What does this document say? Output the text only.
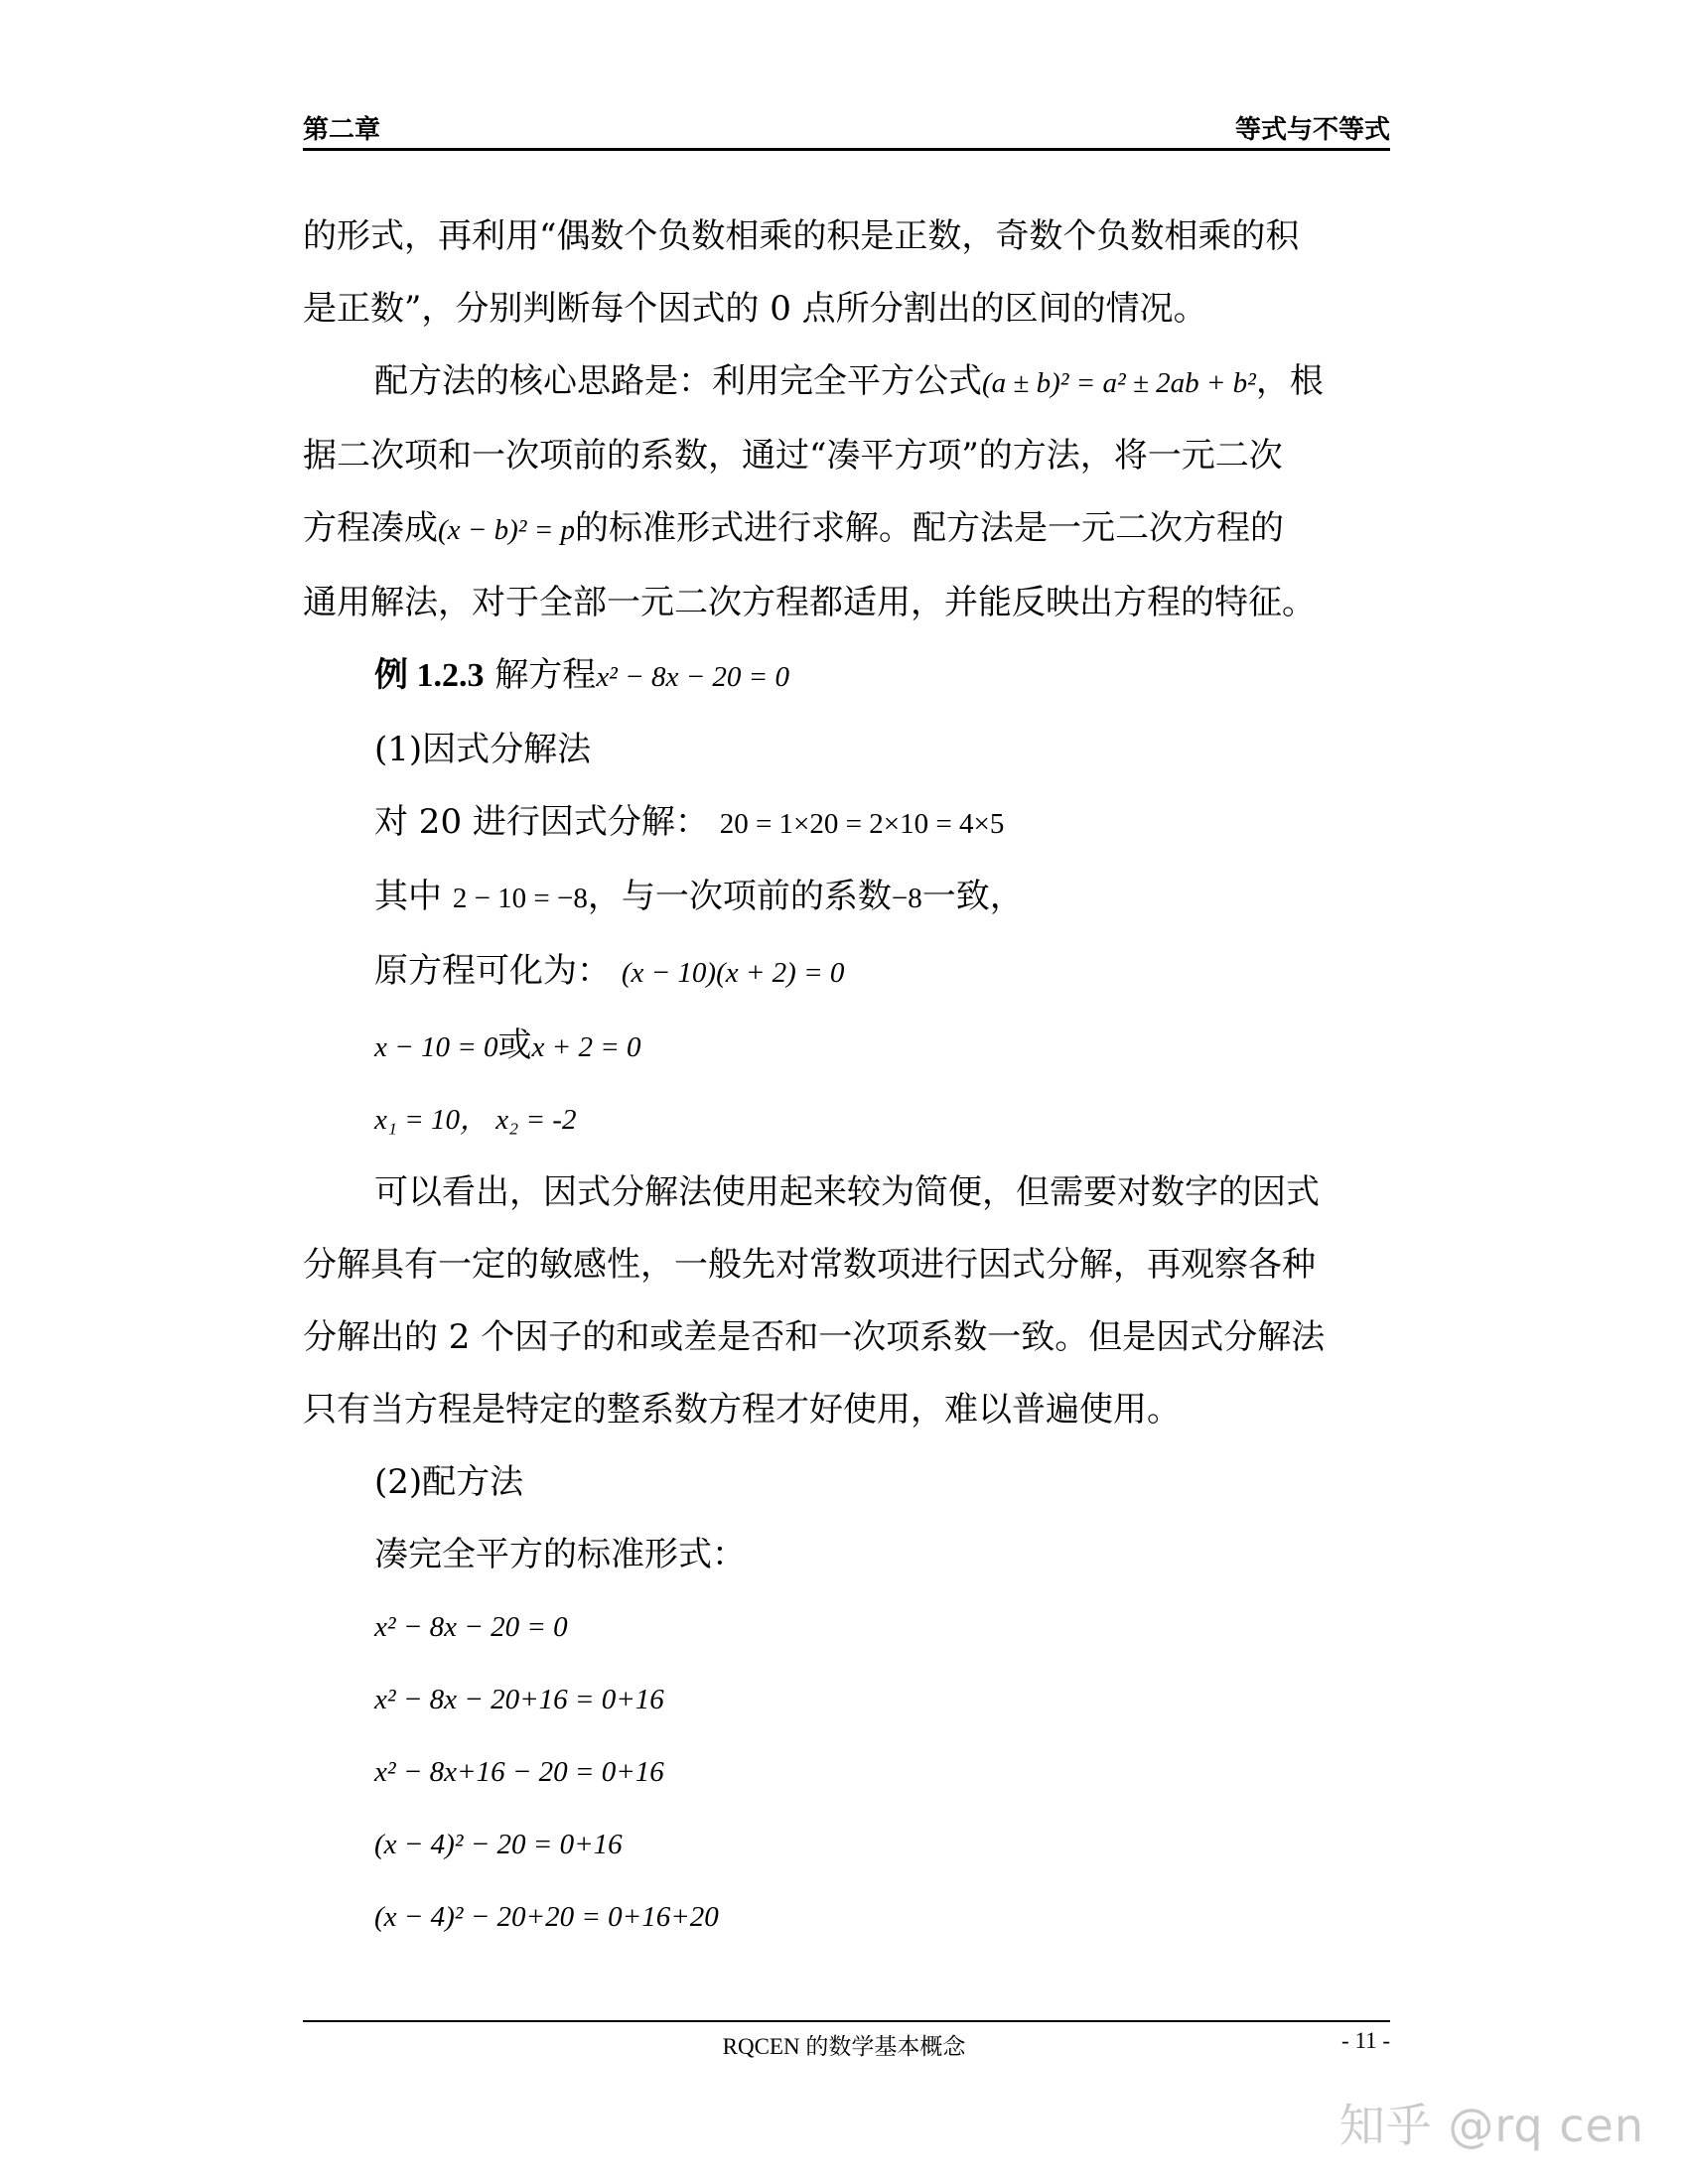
第二章	等式与不等式

的形式，再利用“偶数个负数相乘的积是正数，奇数个负数相乘的积

是正数”，分别判断每个因式的 0 点所分割出的区间的情况。

配方法的核心思路是：利用完全平方公式(a ± b)² = a² ± 2ab + b²，根

据二次项和一次项前的系数，通过“凑平方项”的方法，将一元二次

方程凑成(x − b)² = p的标准形式进行求解。配方法是一元二次方程的

通用解法，对于全部一元二次方程都适用，并能反映出方程的特征。

例 1.2.3 解方程x² − 8x − 20 = 0

(1)因式分解法

对 20 进行因式分解： 20 = 1×20 = 2×10 = 4×5

其中 2 − 10 = −8，与一次项前的系数−8一致，

原方程可化为： (x − 10)(x + 2) = 0

x − 10 = 0或x + 2 = 0

x₁ = 10， x₂ = -2

可以看出，因式分解法使用起来较为简便，但需要对数字的因式

分解具有一定的敏感性，一般先对常数项进行因式分解，再观察各种

分解出的 2 个因子的和或差是否和一次项系数一致。但是因式分解法

只有当方程是特定的整系数方程才好使用，难以普遍使用。

(2)配方法

凑完全平方的标准形式：

x² − 8x − 20 = 0

x² − 8x − 20+16 = 0+16

x² − 8x+16 − 20 = 0+16

(x − 4)² − 20 = 0+16

(x − 4)² − 20+20 = 0+16+20

RQCEN 的数学基本概念	- 11 -
知乎 @rq cen
